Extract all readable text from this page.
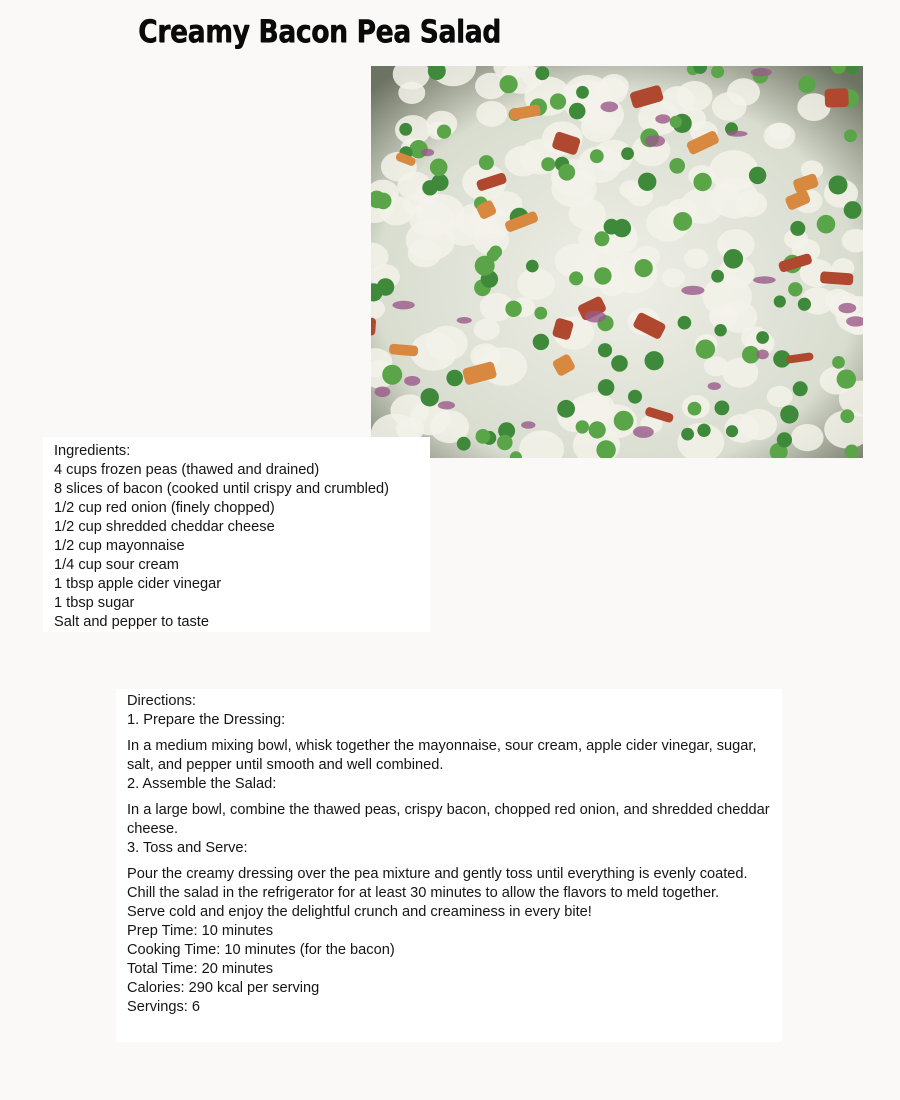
Creamy Bacon Pea Salad
Ingredients:
4 cups frozen peas (thawed and drained)
8 slices of bacon (cooked until crispy and crumbled)
1/2 cup red onion (finely chopped)
1/2 cup shredded cheddar cheese
1/2 cup mayonnaise
1/4 cup sour cream
1 tbsp apple cider vinegar
1 tbsp sugar
Salt and pepper to taste
Directions:
1. Prepare the Dressing:
In a medium mixing bowl, whisk together the mayonnaise, sour cream, apple cider vinegar, sugar, salt, and pepper until smooth and well combined.
2. Assemble the Salad:
In a large bowl, combine the thawed peas, crispy bacon, chopped red onion, and shredded cheddar cheese.
3. Toss and Serve:
Pour the creamy dressing over the pea mixture and gently toss until everything is evenly coated.
Chill the salad in the refrigerator for at least 30 minutes to allow the flavors to meld together.
Serve cold and enjoy the delightful crunch and creaminess in every bite!
Prep Time: 10 minutes
Cooking Time: 10 minutes (for the bacon)
Total Time: 20 minutes
Calories: 290 kcal per serving
Servings: 6
